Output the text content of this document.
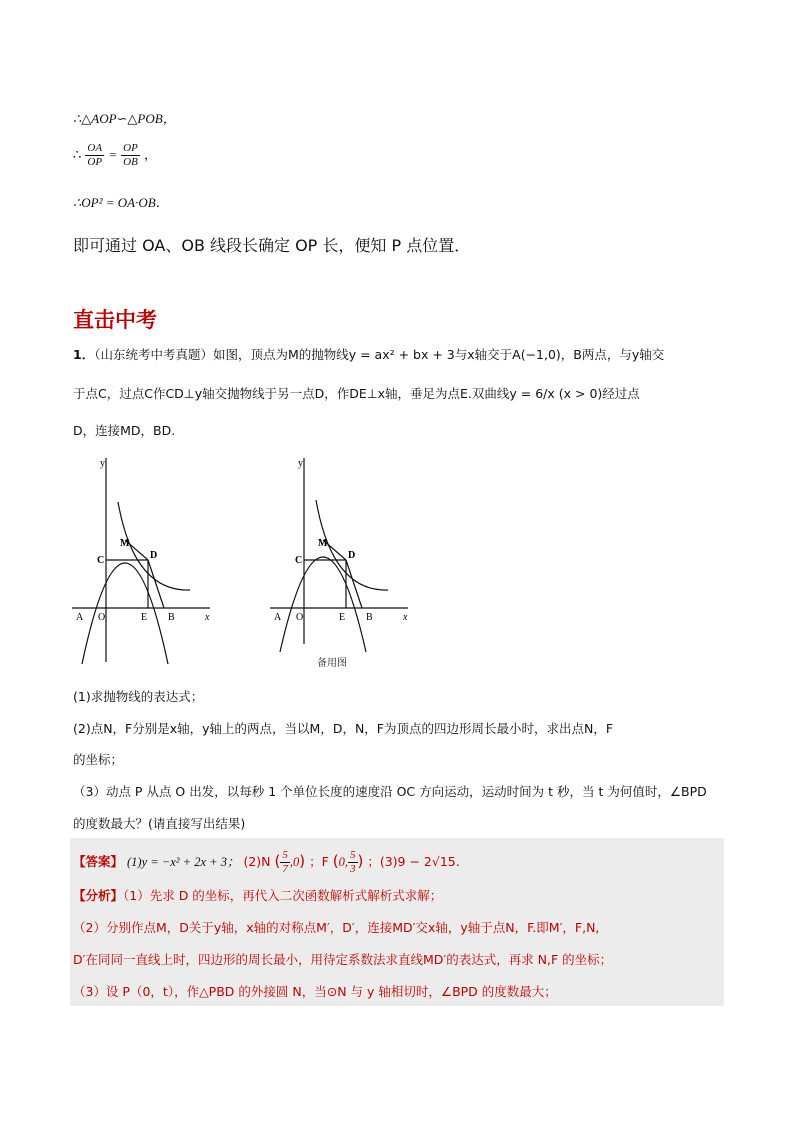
∴△AOP∽△POB，
∴ $\frac{OA}{OP} = \frac{OP}{OB}$ ，
∴OP² = OA·OB．
即可通过 OA、OB 线段长确定 OP 长，便知 P 点位置．
直击中考
1．（山东统考中考真题）如图，顶点为M的抛物线y = ax² + bx + 3与x轴交于A(−1,0)，B两点，与y轴交
于点C，过点C作CD⊥y轴交抛物线于另一点D，作DE⊥x轴，垂足为点E.双曲线y = 6/x (x > 0)经过点
D，连接MD，BD.
y
x
M
C	D
A O	E B
y
x
M
C	D
A O	E B
备用图
(1)求抛物线的表达式；
(2)点N，F分别是x轴，y轴上的两点，当以M，D，N，F为顶点的四边形周长最小时，求出点N，F
的坐标；
（3）动点 P 从点 O 出发，以每秒 1 个单位长度的速度沿 OC 方向运动，运动时间为 t 秒，当 t 为何值时，∠BPD
的度数最大？(请直接写出结果)
【答案】 (1)y = −x² + 2x + 3； (2)N ( $\frac{5}{7} ,0$) ；F (0, $\frac{5}{3}$ ) ；(3)9 − 2√15.
【分析】（1）先求 D 的坐标，再代入二次函数解析式解析式求解；
（2）分别作点M，D关于y轴，x轴的对称点M′，D′，连接MD′交x轴，y轴于点N，F.即M′，F,N,
D′在同同一直线上时，四边形的周长最小，用待定系数法求直线MD′的表达式，再求 N,F 的坐标；
（3）设 P（0，t），作△PBD 的外接圆 N，当⊙N 与 y 轴相切时，∠BPD 的度数最大；
